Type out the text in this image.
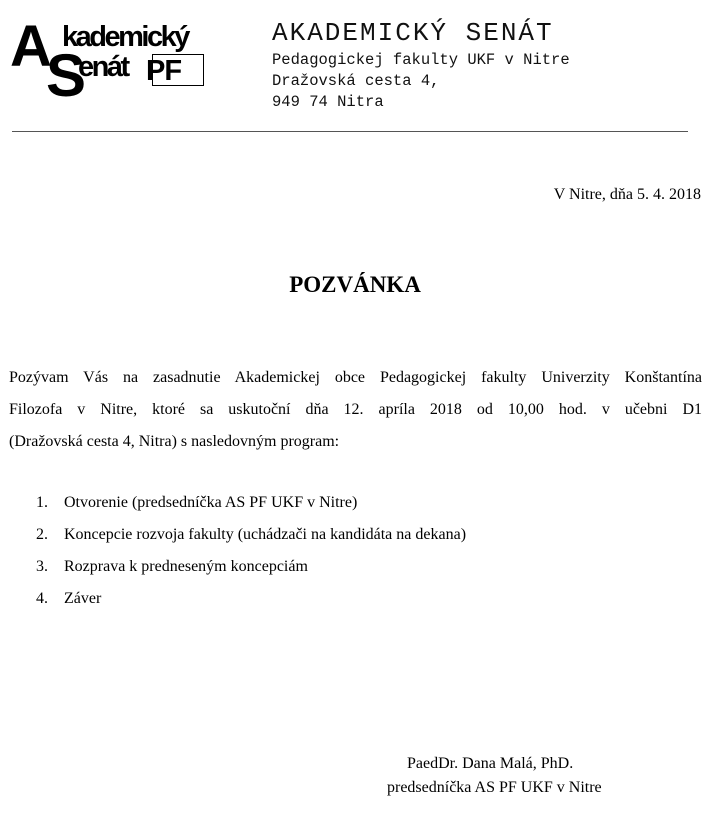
A kademický
S
enát PF
AKADEMICKÝ SENÁT

Pedagogickej fakulty UKF v Nitre

Dražovská cesta 4,

949 74 Nitra

V Nitre, dňa 5. 4. 2018
POZVÁNKA

Pozývam Vás na zasadnutie Akademickej obce Pedagogickej fakulty Univerzity Konštantína
Filozofa v Nitre, ktoré sa uskutoční dňa 12. apríla 2018 od 10,00 hod. v učebni D1
(Dražovská cesta 4, Nitra) s nasledovným program:

1.	Otvorenie (predsedníčka AS PF UKF v Nitre)
2.	Koncepcie rozvoja fakulty (uchádzači na kandidáta na dekana)
3.	Rozprava k predneseným koncepciám
4.	Záver
PaedDr. Dana Malá, PhD.
predsedníčka AS PF UKF v Nitre
